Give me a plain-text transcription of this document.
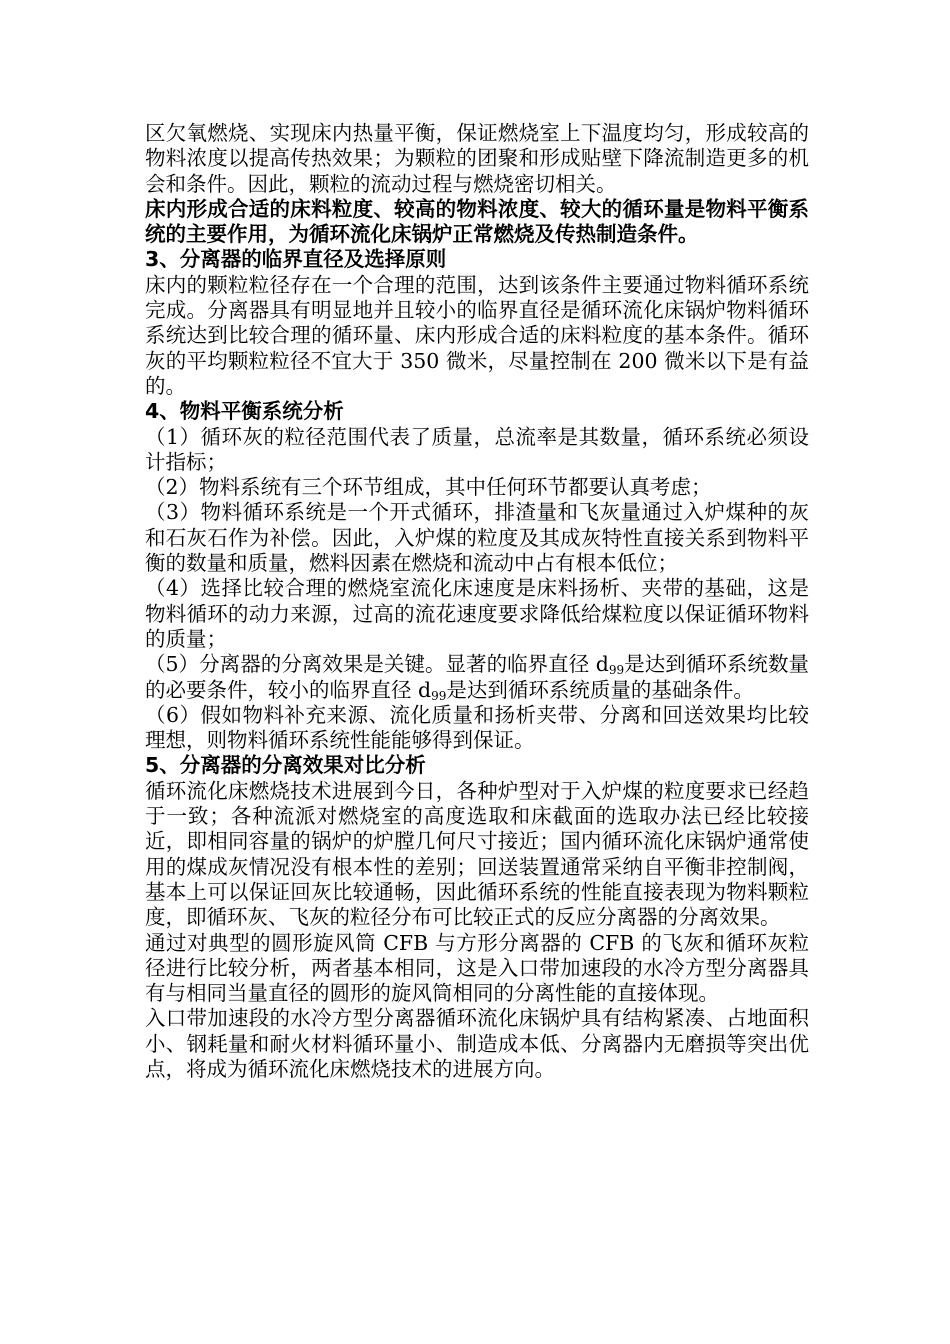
区欠氧燃烧、实现床内热量平衡，保证燃烧室上下温度均匀，形成较高的物料浓度以提高传热效果；为颗粒的团聚和形成贴壁下降流制造更多的机会和条件。因此，颗粒的流动过程与燃烧密切相关。

床内形成合适的床料粒度、较高的物料浓度、较大的循环量是物料平衡系统的主要作用，为循环流化床锅炉正常燃烧及传热制造条件。

3、分离器的临界直径及选择原则

床内的颗粒粒径存在一个合理的范围，达到该条件主要通过物料循环系统完成。分离器具有明显地并且较小的临界直径是循环流化床锅炉物料循环系统达到比较合理的循环量、床内形成合适的床料粒度的基本条件。循环灰的平均颗粒粒径不宜大于 350 微米，尽量控制在 200 微米以下是有益的。

4、物料平衡系统分析

（1）循环灰的粒径范围代表了质量，总流率是其数量，循环系统必须设计指标；

（2）物料系统有三个环节组成，其中任何环节都要认真考虑；

（3）物料循环系统是一个开式循环，排渣量和飞灰量通过入炉煤种的灰和石灰石作为补偿。因此，入炉煤的粒度及其成灰特性直接关系到物料平衡的数量和质量，燃料因素在燃烧和流动中占有根本低位；

（4）选择比较合理的燃烧室流化床速度是床料扬析、夹带的基础，这是物料循环的动力来源，过高的流花速度要求降低给煤粒度以保证循环物料的质量；

（5）分离器的分离效果是关键。显著的临界直径 $d_{99}$是达到循环系统数量的必要条件，较小的临界直径 $d_{99}$是达到循环系统质量的基础条件。

（6）假如物料补充来源、流化质量和扬析夹带、分离和回送效果均比较理想，则物料循环系统性能能够得到保证。

5、分离器的分离效果对比分析

循环流化床燃烧技术进展到今日，各种炉型对于入炉煤的粒度要求已经趋于一致；各种流派对燃烧室的高度选取和床截面的选取办法已经比较接近，即相同容量的锅炉的炉膛几何尺寸接近；国内循环流化床锅炉通常使用的煤成灰情况没有根本性的差别；回送装置通常采纳自平衡非控制阀，基本上可以保证回灰比较通畅，因此循环系统的性能直接表现为物料颗粒度，即循环灰、飞灰的粒径分布可比较正式的反应分离器的分离效果。

通过对典型的圆形旋风筒 CFB 与方形分离器的 CFB 的飞灰和循环灰粒径进行比较分析，两者基本相同，这是入口带加速段的水冷方型分离器具有与相同当量直径的圆形的旋风筒相同的分离性能的直接体现。

入口带加速段的水冷方型分离器循环流化床锅炉具有结构紧凑、占地面积小、钢耗量和耐火材料循环量小、制造成本低、分离器内无磨损等突出优点，将成为循环流化床燃烧技术的进展方向。
